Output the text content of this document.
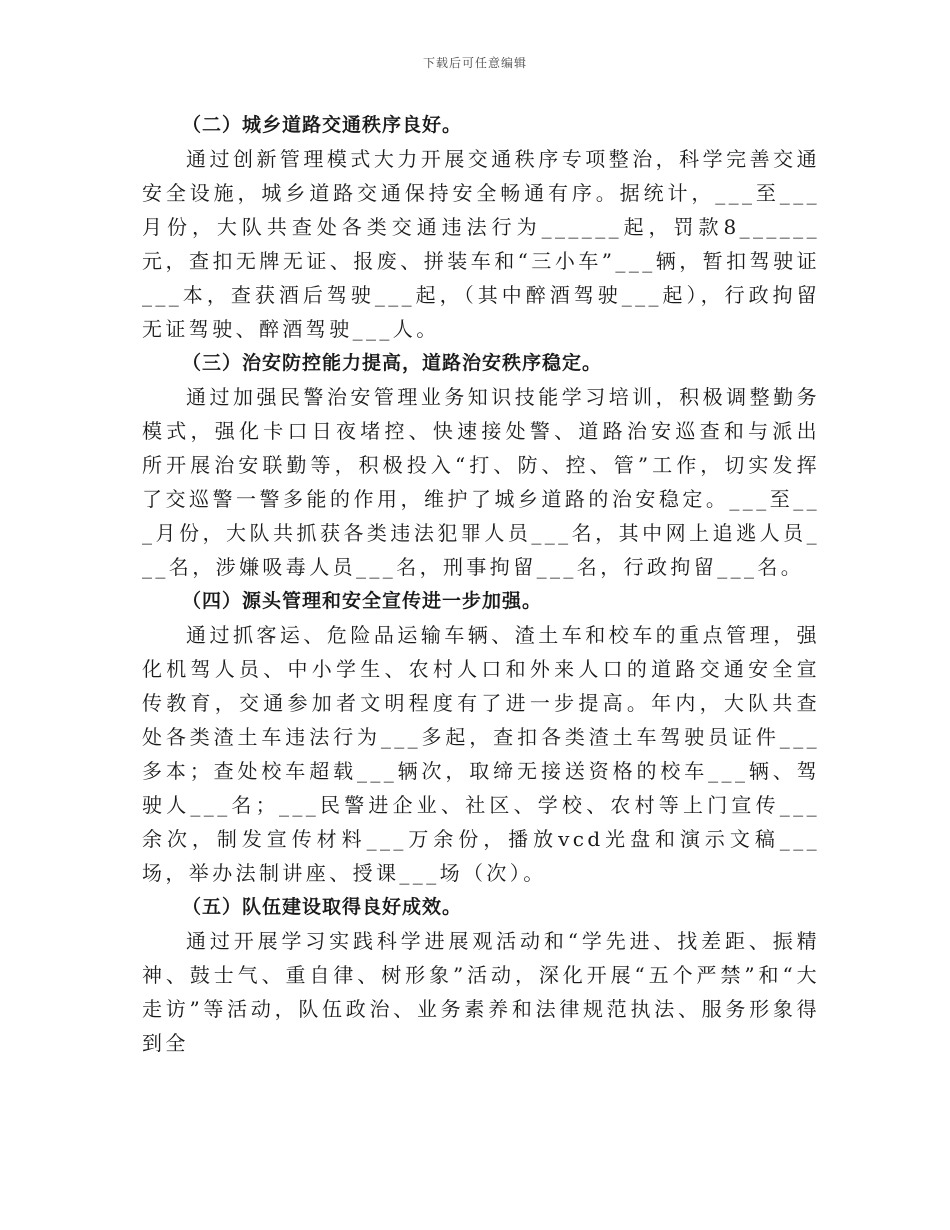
下载后可任意编辑

（二）城乡道路交通秩序良好。

通过创新管理模式大力开展交通秩序专项整治，科学完善交通安全设施，城乡道路交通保持安全畅通有序。据统计，___至___月份，大队共查处各类交通违法行为______起，罚款8______元，查扣无牌无证、报废、拼装车和“三小车”___辆，暂扣驾驶证___本，查获酒后驾驶___起，（其中醉酒驾驶___起），行政拘留无证驾驶、醉酒驾驶___人。

（三）治安防控能力提高，道路治安秩序稳定。

通过加强民警治安管理业务知识技能学习培训，积极调整勤务模式，强化卡口日夜堵控、快速接处警、道路治安巡查和与派出所开展治安联勤等，积极投入“打、防、控、管”工作，切实发挥了交巡警一警多能的作用，维护了城乡道路的治安稳定。___至___月份，大队共抓获各类违法犯罪人员___名，其中网上追逃人员___名，涉嫌吸毒人员___名，刑事拘留___名，行政拘留___名。

（四）源头管理和安全宣传进一步加强。

通过抓客运、危险品运输车辆、渣土车和校车的重点管理，强化机驾人员、中小学生、农村人口和外来人口的道路交通安全宣传教育，交通参加者文明程度有了进一步提高。年内，大队共查处各类渣土车违法行为___多起，查扣各类渣土车驾驶员证件___多本；查处校车超载___辆次，取缔无接送资格的校车___辆、驾驶人___名；___民警进企业、社区、学校、农村等上门宣传___余次，制发宣传材料___万余份，播放vcd光盘和演示文稿___场，举办法制讲座、授课___场（次）。

（五）队伍建设取得良好成效。

通过开展学习实践科学进展观活动和“学先进、找差距、振精神、鼓士气、重自律、树形象”活动，深化开展“五个严禁”和“大走访”等活动，队伍政治、业务素养和法律规范执法、服务形象得到全
